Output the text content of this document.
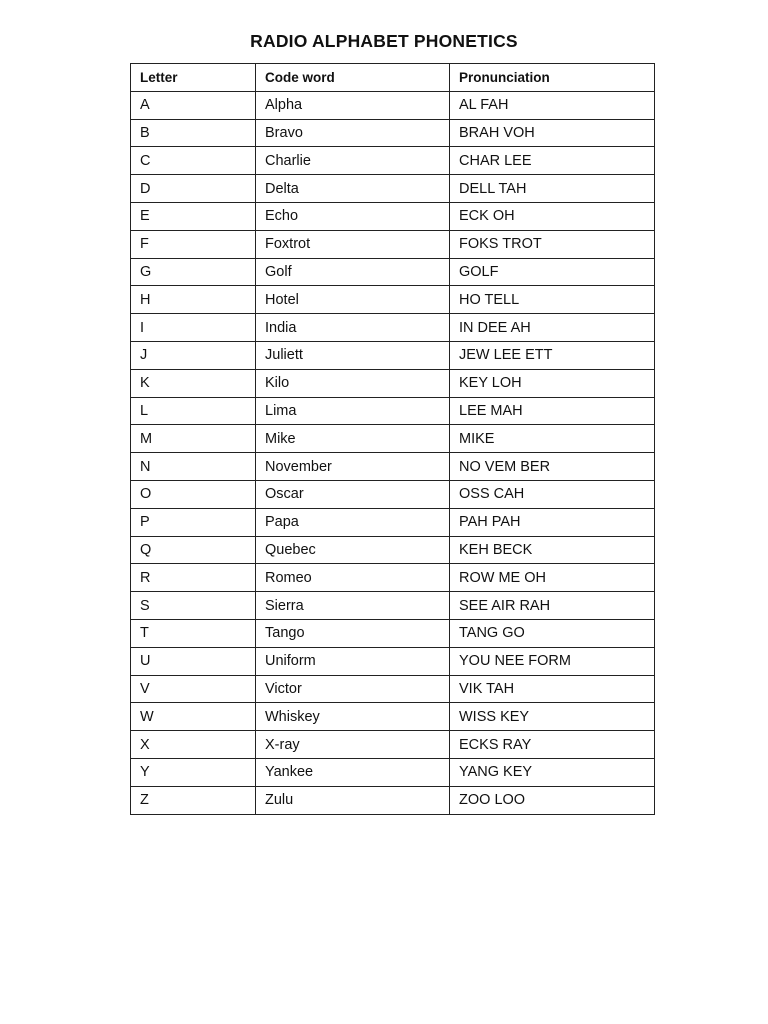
RADIO ALPHABET PHONETICS
Letter	Code word	Pronunciation
A	Alpha	AL FAH
B	Bravo	BRAH VOH
C	Charlie	CHAR LEE
D	Delta	DELL TAH
E	Echo	ECK OH
F	Foxtrot	FOKS TROT
G	Golf	GOLF
H	Hotel	HO TELL
I	India	IN DEE AH
J	Juliett	JEW LEE ETT
K	Kilo	KEY LOH
L	Lima	LEE MAH
M	Mike	MIKE
N	November	NO VEM BER
O	Oscar	OSS CAH
P	Papa	PAH PAH
Q	Quebec	KEH BECK
R	Romeo	ROW ME OH
S	Sierra	SEE AIR RAH
T	Tango	TANG GO
U	Uniform	YOU NEE FORM
V	Victor	VIK TAH
W	Whiskey	WISS KEY
X	X-ray	ECKS RAY
Y	Yankee	YANG KEY
Z	Zulu	ZOO LOO
